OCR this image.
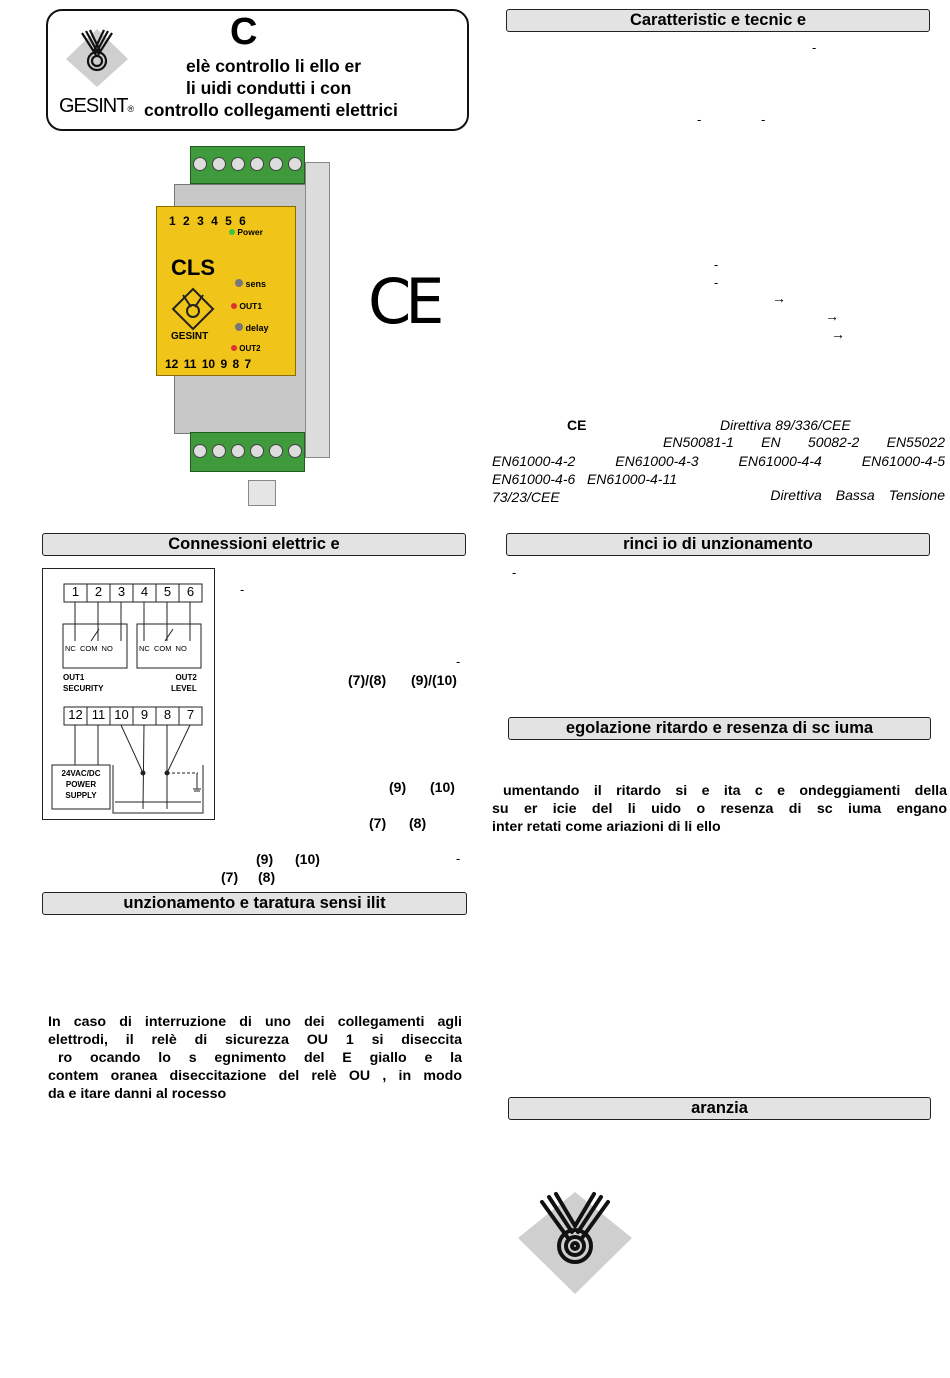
GESINT®
C
elè controllo li ello er
li uidi condutti i con
controllo collegamenti elettrici
1 2 3 4 5 6
Power
CLS
sens
OUT1
delay
OUT2
GESINT
12 11 10 9 8 7
CE
Caratteristic e tecnic e
-
-	-
-
-
→
→
→
CE	Direttiva 89/336/CEE
EN50081-1 EN 50082-2 EN55022
EN61000-4-2	EN61000-4-3	EN61000-4-4	EN61000-4-5
EN61000-4-6 EN61000-4-11
Direttiva Bassa Tensione
73/23/CEE
Connessioni elettric e
1	2	3	4	5	6
NC COM NO	NC COM NO
OUT1
SECURITY
OUT2
LEVEL
12 11 10 9	8	7
24VAC/DC
POWER
SUPPLY
-
-
(7)/(8) (9)/(10)
(9) (10)
(7) (8)
(9) (10)	-
(7) (8)
rinci io di unzionamento
-
egolazione ritardo e resenza di sc iuma
umentando il ritardo si e ita c e ondeggiamenti della
su er icie del li uido o resenza di sc iuma engano
inter retati come ariazioni di li ello
unzionamento e taratura sensi ilit
In caso di interruzione di uno dei collegamenti agli
elettrodi, il relè di sicurezza OU 1 si diseccita
ro ocando lo s egnimento del E giallo e la
contem oranea diseccitazione del relè OU , in modo
da e itare danni al rocesso
aranzia
